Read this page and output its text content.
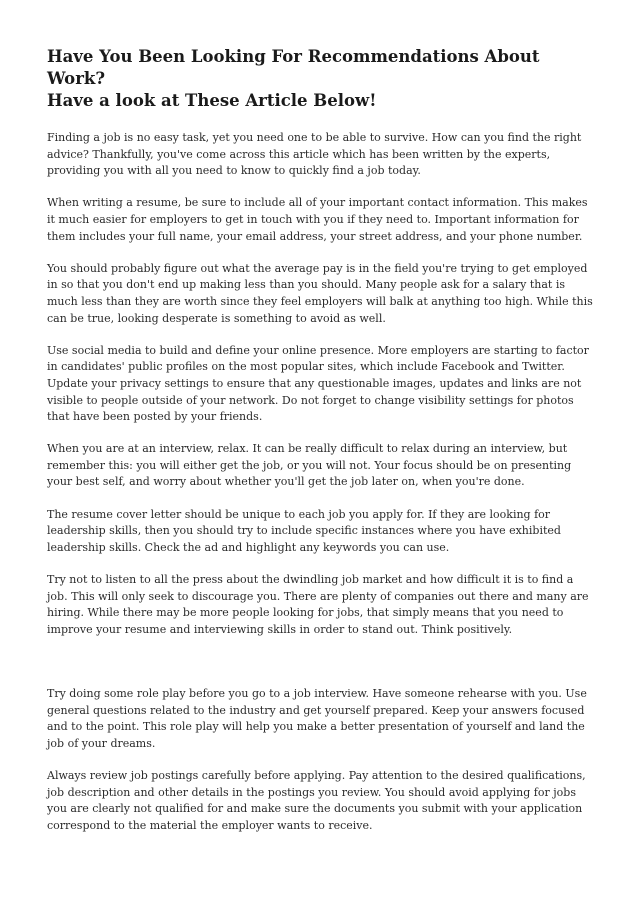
Have You Been Looking For Recommendations About Work?
Have a look at These Article Below!

Finding a job is no easy task, yet you need one to be able to survive. How can you find the right advice? Thankfully, you've come across this article which has been written by the experts, providing you with all you need to know to quickly find a job today.

When writing a resume, be sure to include all of your important contact information. This makes it much easier for employers to get in touch with you if they need to. Important information for them includes your full name, your email address, your street address, and your phone number.

You should probably figure out what the average pay is in the field you're trying to get employed in so that you don't end up making less than you should. Many people ask for a salary that is much less than they are worth since they feel employers will balk at anything too high. While this can be true, looking desperate is something to avoid as well.

Use social media to build and define your online presence. More employers are starting to factor in candidates' public profiles on the most popular sites, which include Facebook and Twitter. Update your privacy settings to ensure that any questionable images, updates and links are not visible to people outside of your network. Do not forget to change visibility settings for photos that have been posted by your friends.

When you are at an interview, relax. It can be really difficult to relax during an interview, but remember this: you will either get the job, or you will not. Your focus should be on presenting your best self, and worry about whether you'll get the job later on, when you're done.

The resume cover letter should be unique to each job you apply for. If they are looking for leadership skills, then you should try to include specific instances where you have exhibited leadership skills. Check the ad and highlight any keywords you can use.

Try not to listen to all the press about the dwindling job market and how difficult it is to find a job. This will only seek to discourage you. There are plenty of companies out there and many are hiring. While there may be more people looking for jobs, that simply means that you need to improve your resume and interviewing skills in order to stand out. Think positively.

Try doing some role play before you go to a job interview. Have someone rehearse with you. Use general questions related to the industry and get yourself prepared. Keep your answers focused and to the point. This role play will help you make a better presentation of yourself and land the job of your dreams.

Always review job postings carefully before applying. Pay attention to the desired qualifications, job description and other details in the postings you review. You should avoid applying for jobs you are clearly not qualified for and make sure the documents you submit with your application correspond to the material the employer wants to receive.
